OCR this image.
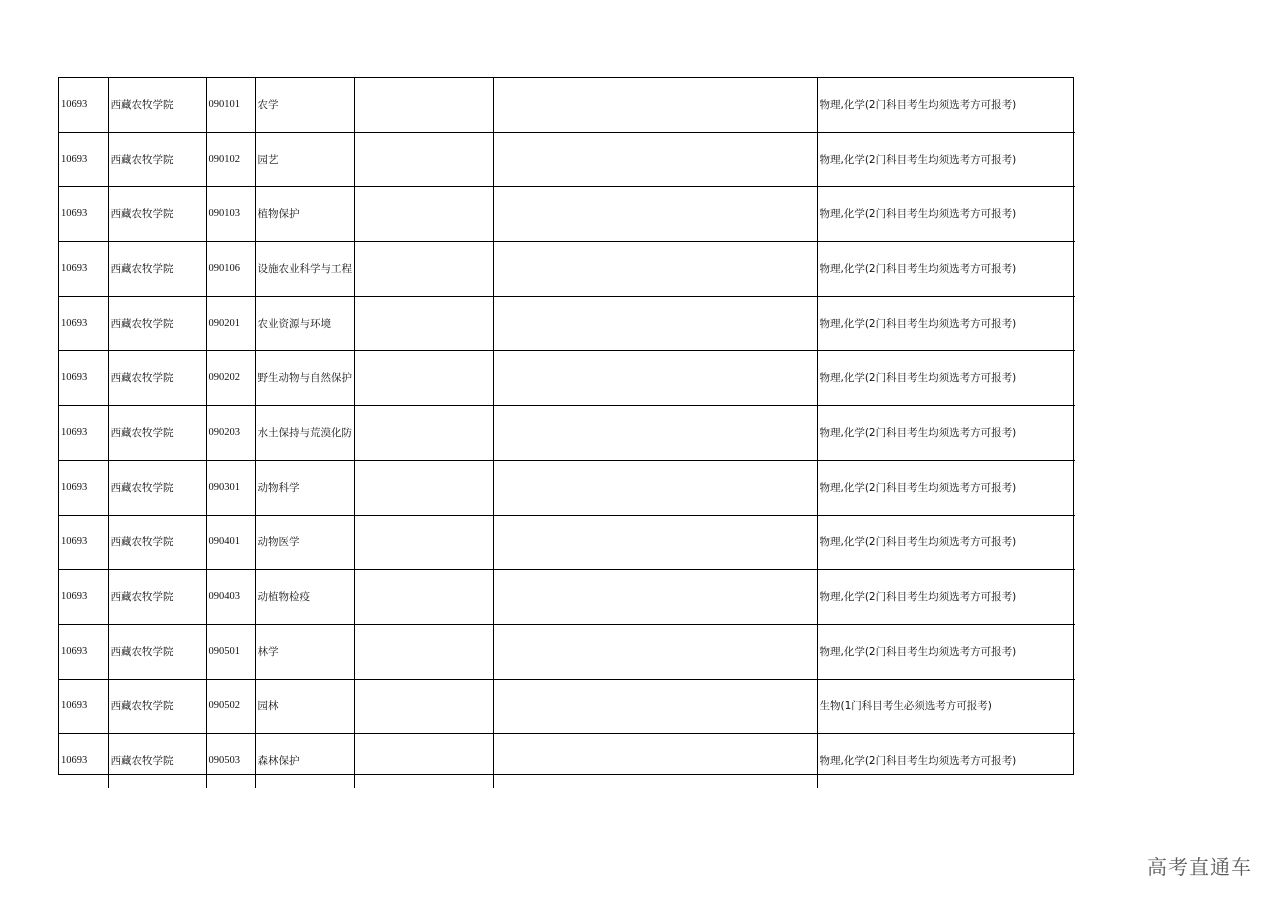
10693	西藏农牧学院	090101	农学			物理,化学(2门科目考生均须选考方可报考)
10693	西藏农牧学院	090102	园艺			物理,化学(2门科目考生均须选考方可报考)
10693	西藏农牧学院	090103	植物保护			物理,化学(2门科目考生均须选考方可报考)
10693	西藏农牧学院	090106	设施农业科学与工程			物理,化学(2门科目考生均须选考方可报考)
10693	西藏农牧学院	090201	农业资源与环境			物理,化学(2门科目考生均须选考方可报考)
10693	西藏农牧学院	090202	野生动物与自然保护			物理,化学(2门科目考生均须选考方可报考)
10693	西藏农牧学院	090203	水土保持与荒漠化防			物理,化学(2门科目考生均须选考方可报考)
10693	西藏农牧学院	090301	动物科学			物理,化学(2门科目考生均须选考方可报考)
10693	西藏农牧学院	090401	动物医学			物理,化学(2门科目考生均须选考方可报考)
10693	西藏农牧学院	090403	动植物检疫			物理,化学(2门科目考生均须选考方可报考)
10693	西藏农牧学院	090501	林学			物理,化学(2门科目考生均须选考方可报考)
10693	西藏农牧学院	090502	园林			生物(1门科目考生必须选考方可报考)
10693	西藏农牧学院	090503	森林保护			物理,化学(2门科目考生均须选考方可报考)
高考直通车
